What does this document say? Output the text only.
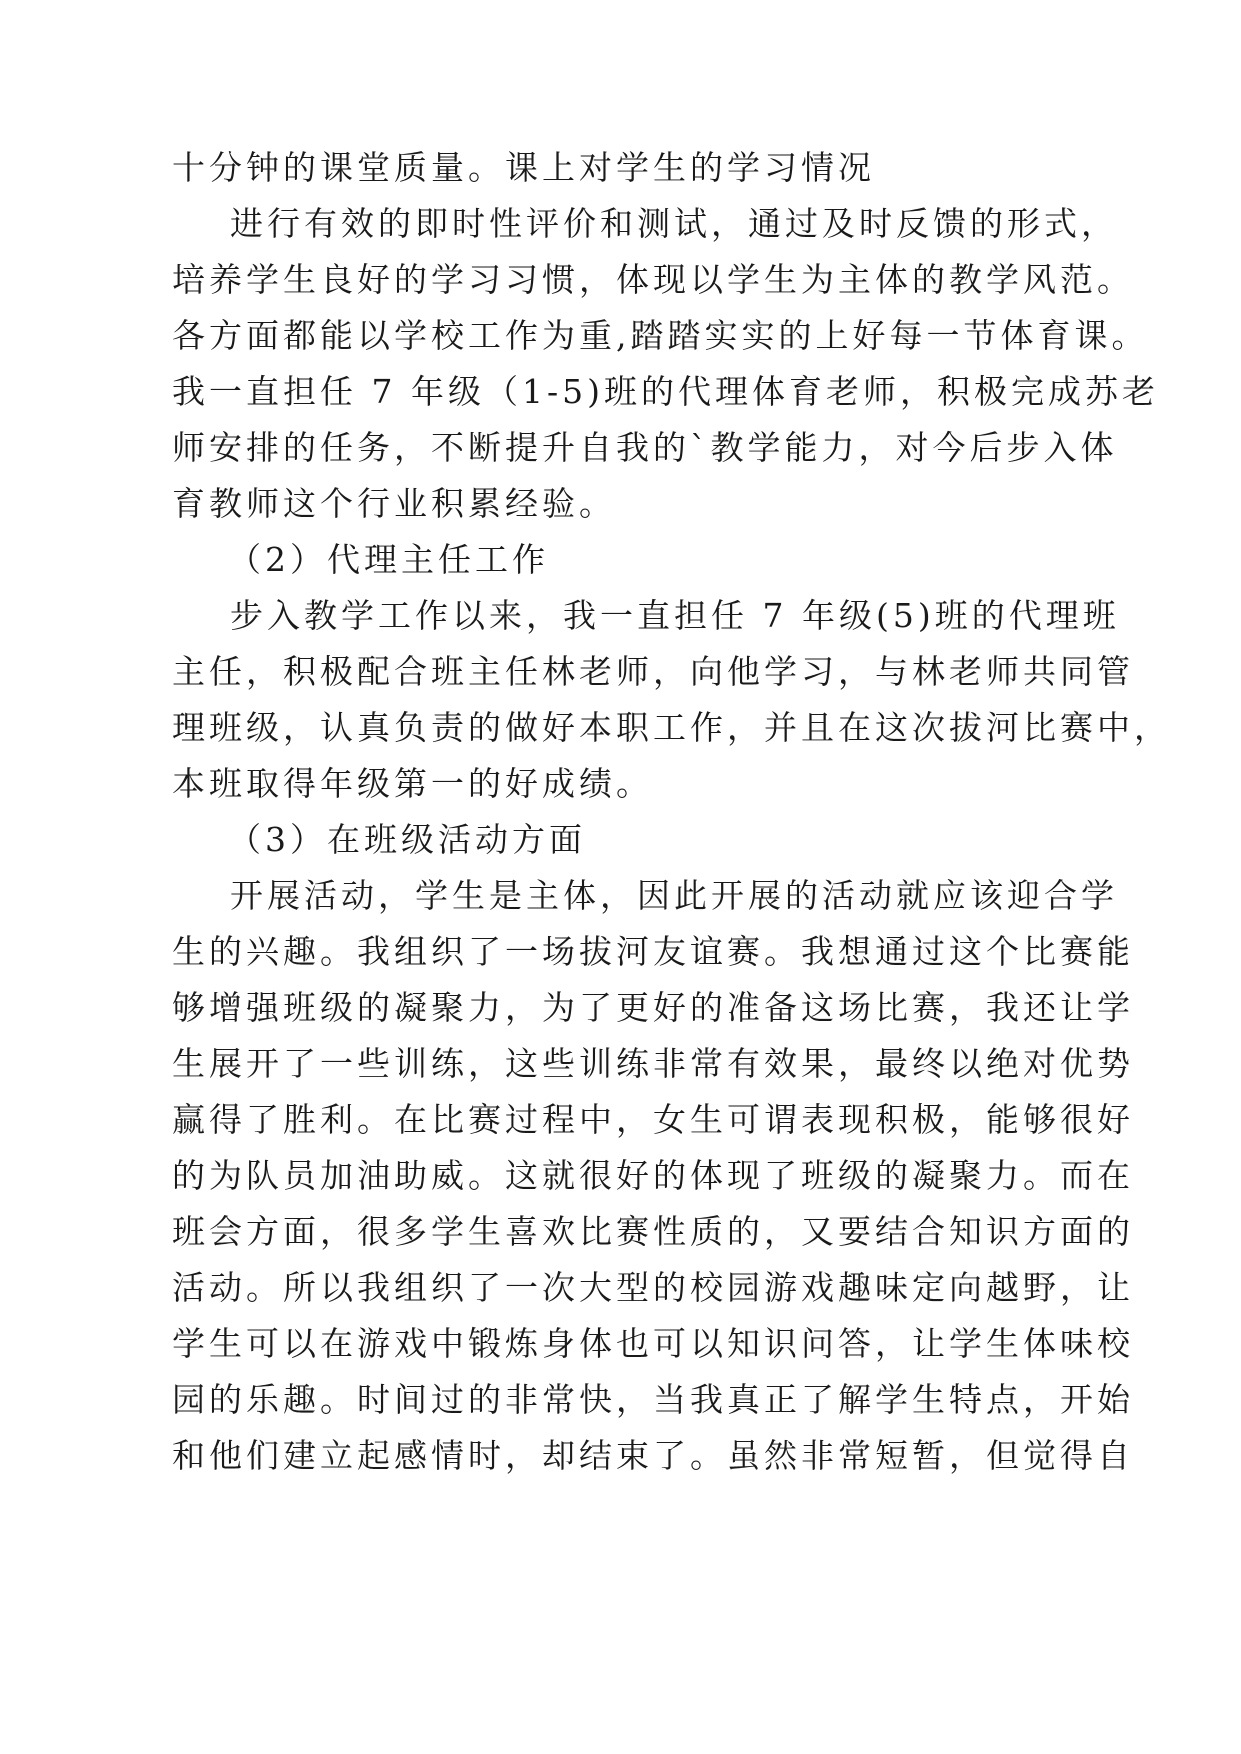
十分钟的课堂质量。课上对学生的学习情况
进行有效的即时性评价和测试，通过及时反馈的形式，
培养学生良好的学习习惯，体现以学生为主体的教学风范。
各方面都能以学校工作为重,踏踏实实的上好每一节体育课。
我一直担任 7 年级（1-5)班的代理体育老师，积极完成苏老
师安排的任务，不断提升自我的`教学能力，对今后步入体
育教师这个行业积累经验。
（2）代理主任工作
步入教学工作以来，我一直担任 7 年级(5)班的代理班
主任，积极配合班主任林老师，向他学习，与林老师共同管
理班级，认真负责的做好本职工作，并且在这次拔河比赛中，
本班取得年级第一的好成绩。
（3）在班级活动方面
开展活动，学生是主体，因此开展的活动就应该迎合学
生的兴趣。我组织了一场拔河友谊赛。我想通过这个比赛能
够增强班级的凝聚力，为了更好的准备这场比赛，我还让学
生展开了一些训练，这些训练非常有效果，最终以绝对优势
赢得了胜利。在比赛过程中，女生可谓表现积极，能够很好
的为队员加油助威。这就很好的体现了班级的凝聚力。而在
班会方面，很多学生喜欢比赛性质的，又要结合知识方面的
活动。所以我组织了一次大型的校园游戏趣味定向越野，让
学生可以在游戏中锻炼身体也可以知识问答，让学生体味校
园的乐趣。时间过的非常快，当我真正了解学生特点，开始
和他们建立起感情时，却结束了。虽然非常短暂，但觉得自
